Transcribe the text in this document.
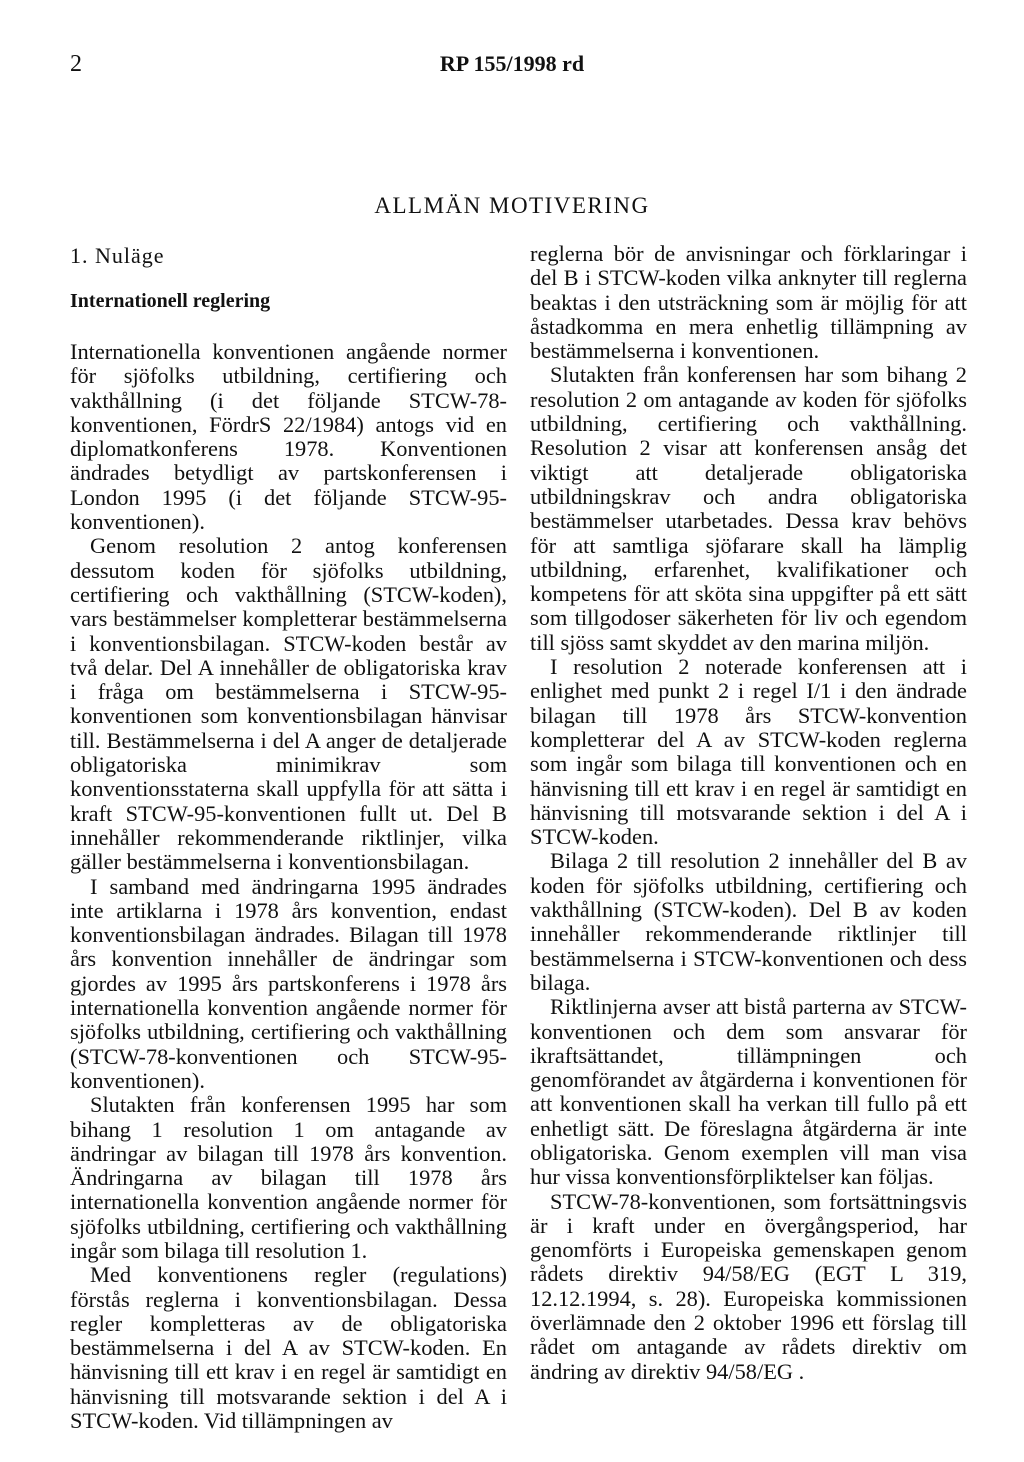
2	RP 155/1998 rd
ALLMÄN MOTIVERING
1. Nuläge
Internationell reglering

Internationella konventionen angående normer för sjöfolks utbildning, certifiering och vakthållning (i det följande STCW-78-konventionen, FördrS 22/1984) antogs vid en diplomatkonferens 1978. Konventionen ändrades betydligt av partskonferensen i London 1995 (i det följande STCW-95-konventionen).

Genom resolution 2 antog konferensen dessutom koden för sjöfolks utbildning, certifiering och vakthållning (STCW-koden), vars bestämmelser kompletterar bestämmelserna i konventionsbilagan. STCW-koden består av två delar. Del A innehåller de obligatoriska krav i fråga om bestämmelserna i STCW-95-konventionen som konventionsbilagan hänvisar till. Bestämmelserna i del A anger de detaljerade obligatoriska minimikrav som konventionsstaterna skall uppfylla för att sätta i kraft STCW-95-konventionen fullt ut. Del B innehåller rekommenderande riktlinjer, vilka gäller bestämmelserna i konventionsbilagan.

I samband med ändringarna 1995 ändrades inte artiklarna i 1978 års konvention, endast konventionsbilagan ändrades. Bilagan till 1978 års konvention innehåller de ändringar som gjordes av 1995 års partskonferens i 1978 års internationella konvention angående normer för sjöfolks utbildning, certifiering och vakthållning (STCW-78-konventionen och STCW-95-konventionen).

Slutakten från konferensen 1995 har som bihang 1 resolution 1 om antagande av ändringar av bilagan till 1978 års konvention. Ändringarna av bilagan till 1978 års internationella konvention angående normer för sjöfolks utbildning, certifiering och vakthållning ingår som bilaga till resolution 1.

Med konventionens regler (regulations) förstås reglerna i konventionsbilagan. Dessa regler kompletteras av de obligatoriska bestämmelserna i del A av STCW-koden. En hänvisning till ett krav i en regel är samtidigt en hänvisning till motsvarande sektion i del A i STCW-koden. Vid tillämpningen av

reglerna bör de anvisningar och förklaringar i del B i STCW-koden vilka anknyter till reglerna beaktas i den utsträckning som är möjlig för att åstadkomma en mera enhetlig tillämpning av bestämmelserna i konventionen.

Slutakten från konferensen har som bihang 2 resolution 2 om antagande av koden för sjöfolks utbildning, certifiering och vakthållning. Resolution 2 visar att konferensen ansåg det viktigt att detaljerade obligatoriska utbildningskrav och andra obligatoriska bestämmelser utarbetades. Dessa krav behövs för att samtliga sjöfarare skall ha lämplig utbildning, erfarenhet, kvalifikationer och kompetens för att sköta sina uppgifter på ett sätt som tillgodoser säkerheten för liv och egendom till sjöss samt skyddet av den marina miljön.

I resolution 2 noterade konferensen att i enlighet med punkt 2 i regel I/1 i den ändrade bilagan till 1978 års STCW-konvention kompletterar del A av STCW-koden reglerna som ingår som bilaga till konventionen och en hänvisning till ett krav i en regel är samtidigt en hänvisning till motsvarande sektion i del A i STCW-koden.

Bilaga 2 till resolution 2 innehåller del B av koden för sjöfolks utbildning, certifiering och vakthållning (STCW-koden). Del B av koden innehåller rekommenderande riktlinjer till bestämmelserna i STCW-konventionen och dess bilaga.

Riktlinjerna avser att bistå parterna av STCW-konventionen och dem som ansvarar för ikraftsättandet, tillämpningen och genomförandet av åtgärderna i konventionen för att konventionen skall ha verkan till fullo på ett enhetligt sätt. De föreslagna åtgärderna är inte obligatoriska. Genom exemplen vill man visa hur vissa konventionsförpliktelser kan följas.

STCW-78-konventionen, som fortsättningsvis är i kraft under en övergångsperiod, har genomförts i Europeiska gemenskapen genom rådets direktiv 94/58/EG (EGT L 319, 12.12.1994, s. 28). Europeiska kommissionen överlämnade den 2 oktober 1996 ett förslag till rådet om antagande av rådets direktiv om ändring av direktiv 94/58/EG .
